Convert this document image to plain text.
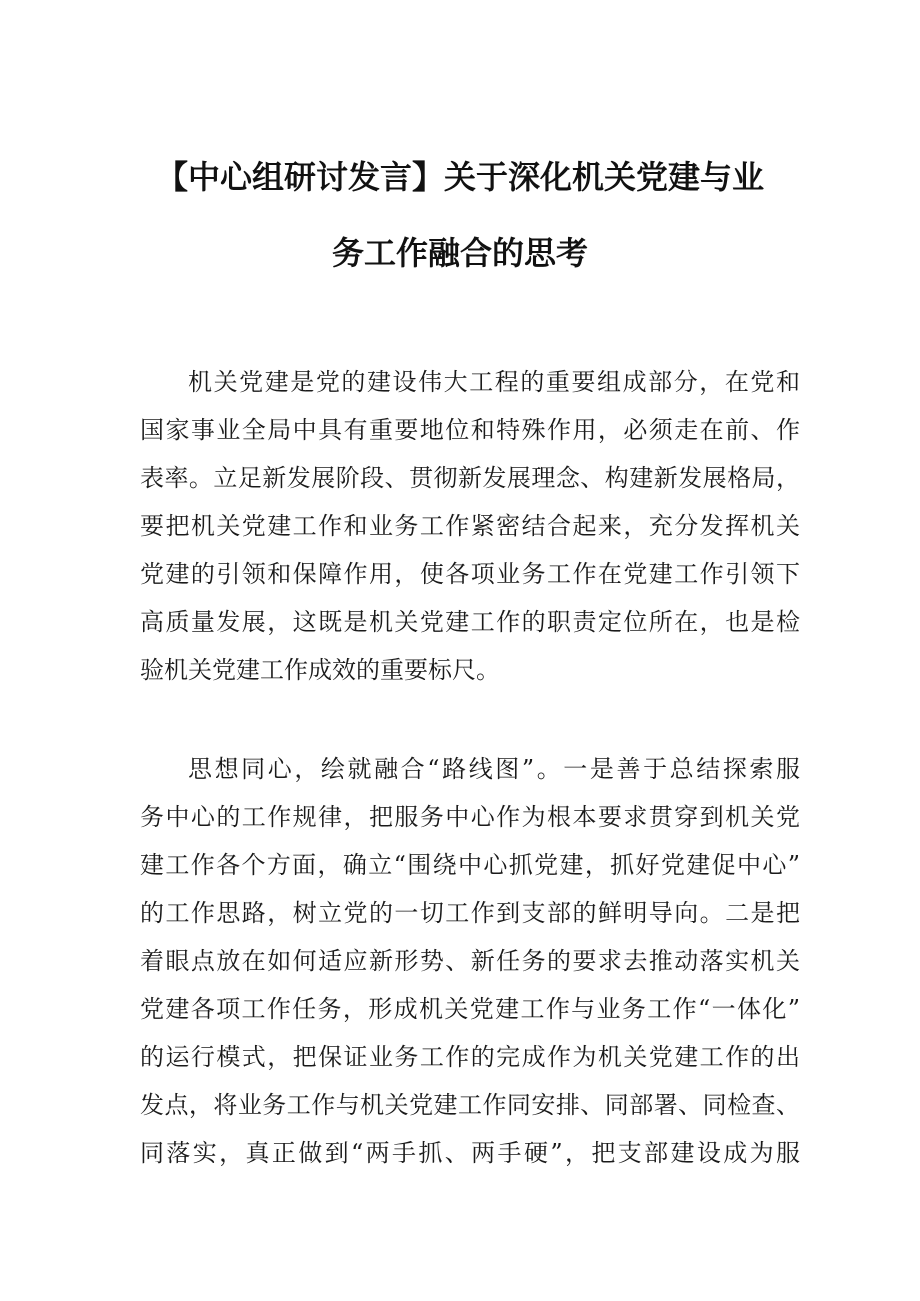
【中心组研讨发言】关于深化机关党建与业
务工作融合的思考
机关党建是党的建设伟大工程的重要组成部分，在党和
国家事业全局中具有重要地位和特殊作用，必须走在前、作
表率。立足新发展阶段、贯彻新发展理念、构建新发展格局，
要把机关党建工作和业务工作紧密结合起来，充分发挥机关
党建的引领和保障作用，使各项业务工作在党建工作引领下
高质量发展，这既是机关党建工作的职责定位所在，也是检
验机关党建工作成效的重要标尺。
思想同心，绘就融合“路线图”。一是善于总结探索服
务中心的工作规律，把服务中心作为根本要求贯穿到机关党
建工作各个方面，确立“围绕中心抓党建，抓好党建促中心”
的工作思路，树立党的一切工作到支部的鲜明导向。二是把
着眼点放在如何适应新形势、新任务的要求去推动落实机关
党建各项工作任务，形成机关党建工作与业务工作“一体化”
的运行模式，把保证业务工作的完成作为机关党建工作的出
发点，将业务工作与机关党建工作同安排、同部署、同检查、
同落实，真正做到“两手抓、两手硬”，把支部建设成为服
